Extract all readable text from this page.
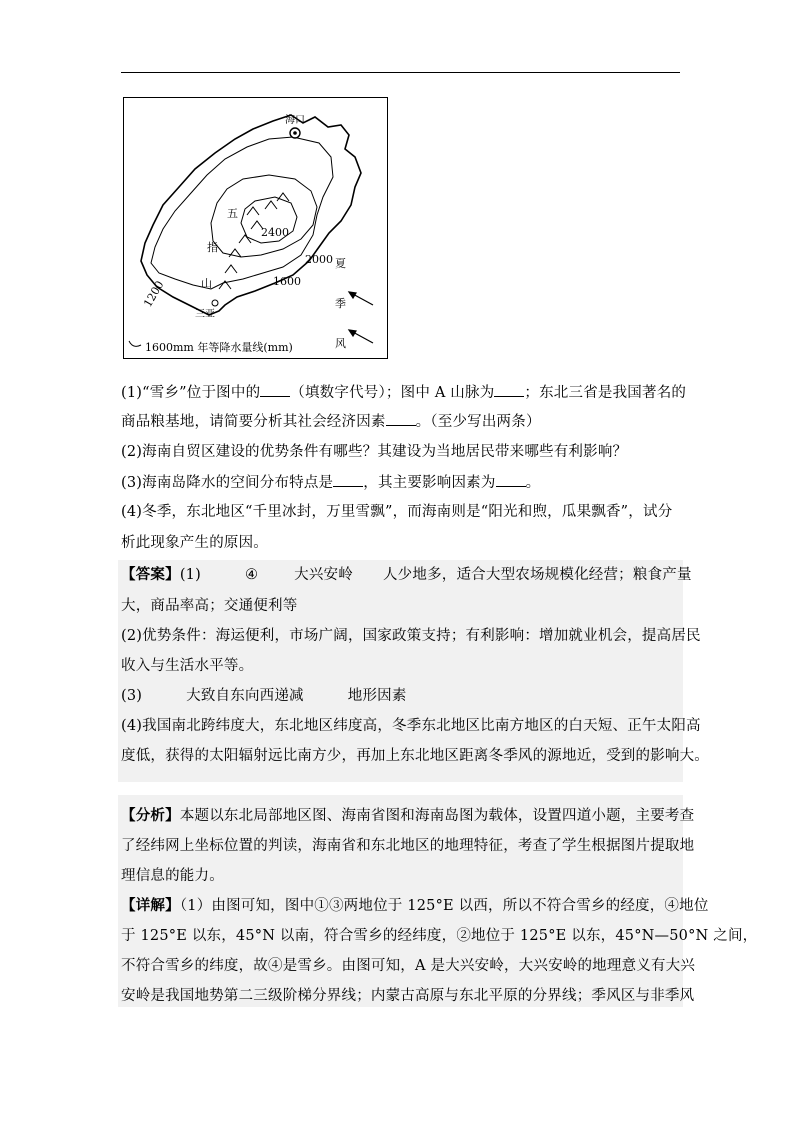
海口
三亚
五
指
山
2400
2000
1600
1200
夏
季
风
1600mm 年等降水量线(mm)
(1)“雪乡”位于图中的 （填数字代号）；图中 A 山脉为 ；东北三省是我国著名的
商品粮基地，请简要分析其社会经济因素 。（至少写出两条）
(2)海南自贸区建设的优势条件有哪些？其建设为当地居民带来哪些有利影响？
(3)海南岛降水的空间分布特点是 ，其主要影响因素为 。
(4)冬季，东北地区“千里冰封，万里雪飘”，而海南则是“阳光和煦，瓜果飘香”，试分
析此现象产生的原因。
【答案】(1)	④ 大兴安岭 人少地多，适合大型农场规模化经营；粮食产量
大，商品率高；交通便利等
(2)优势条件：海运便利，市场广阔，国家政策支持；有利影响：增加就业机会，提高居民
收入与生活水平等。
(3)	大致自东向西递减	地形因素
(4)我国南北跨纬度大，东北地区纬度高，冬季东北地区比南方地区的白天短、正午太阳高
度低，获得的太阳辐射远比南方少，再加上东北地区距离冬季风的源地近，受到的影响大。
【分析】本题以东北局部地区图、海南省图和海南岛图为载体，设置四道小题，主要考查
了经纬网上坐标位置的判读，海南省和东北地区的地理特征，考查了学生根据图片提取地
理信息的能力。
【详解】（1）由图可知，图中①③两地位于 125°E 以西，所以不符合雪乡的经度，④地位
于 125°E 以东，45°N 以南，符合雪乡的经纬度，②地位于 125°E 以东，45°N—50°N 之间，
不符合雪乡的纬度，故④是雪乡。由图可知，A 是大兴安岭，大兴安岭的地理意义有大兴
安岭是我国地势第二三级阶梯分界线；内蒙古高原与东北平原的分界线；季风区与非季风
